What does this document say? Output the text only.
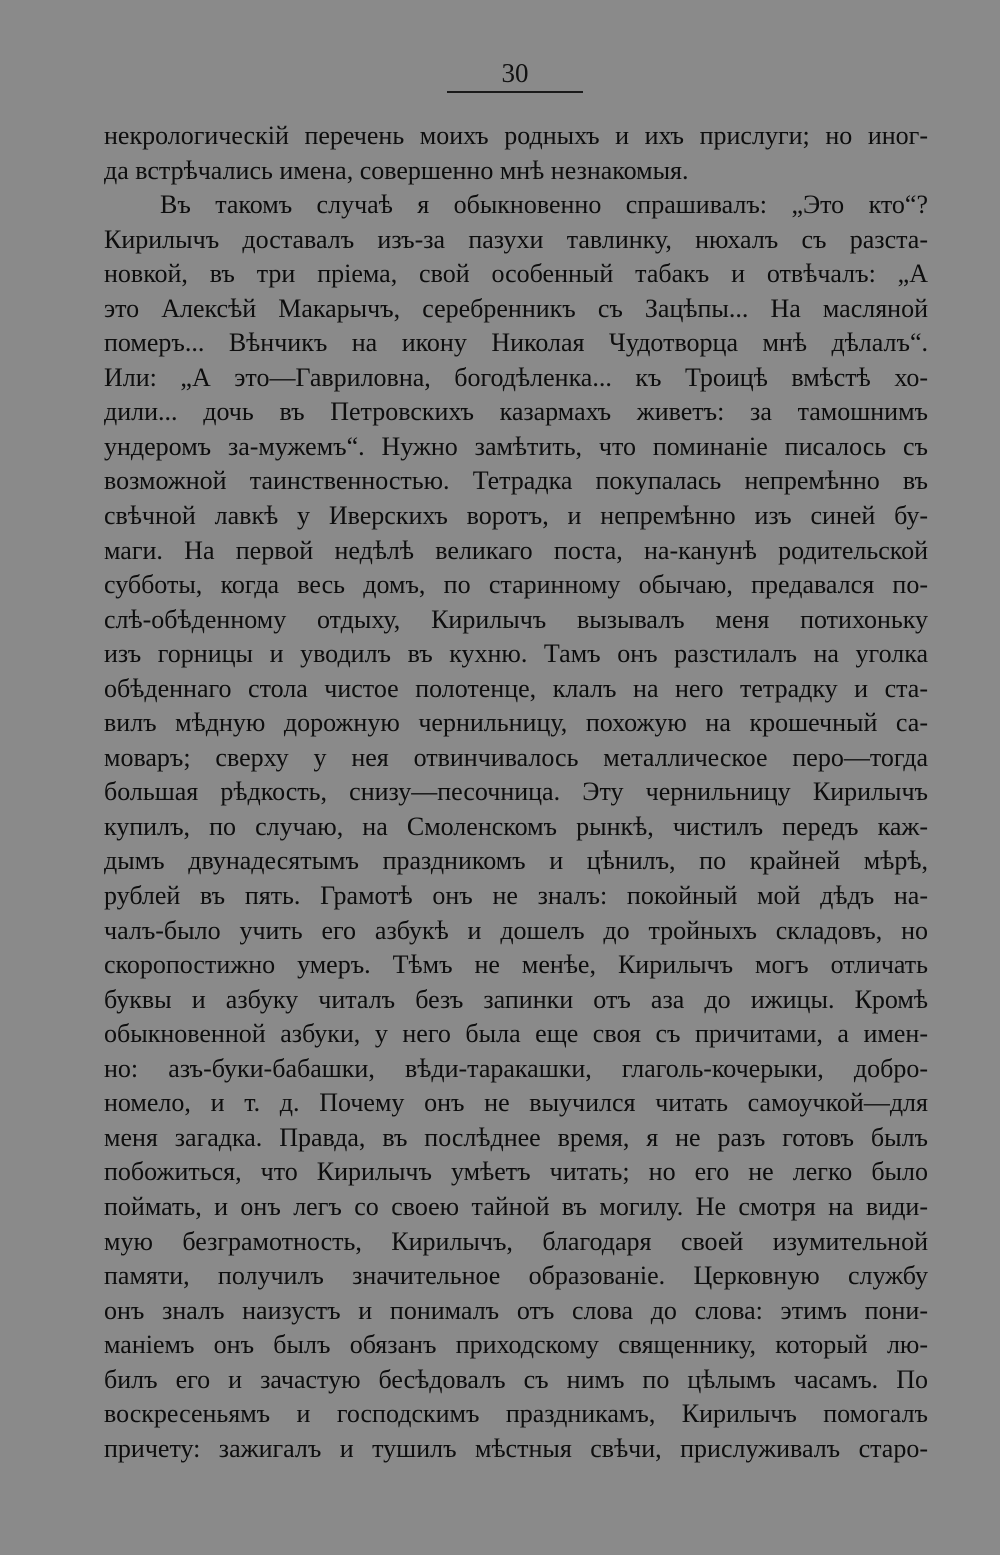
30
некрологическій перечень моихъ родныхъ и ихъ прислуги; но иног-
да встрѣчались имена, совершенно мнѣ незнакомыя.
Въ такомъ случаѣ я обыкновенно спрашивалъ: „Это кто“?
Кирилычъ доставалъ изъ-за пазухи тавлинку, нюхалъ съ разста-
новкой, въ три пріема, свой особенный табакъ и отвѣчалъ: „А
это Алексѣй Макарычъ, серебренникъ съ Зацѣпы... На масляной
померъ... Вѣнчикъ на икону Николая Чудотворца мнѣ дѣлалъ“.
Или: „А это—Гавриловна, богодѣленка... къ Троицѣ вмѣстѣ хо-
дили... дочь въ Петровскихъ казармахъ живетъ: за тамошнимъ
ундеромъ за-мужемъ“. Нужно замѣтить, что поминаніе писалось съ
возможной таинственностью. Тетрадка покупалась непремѣнно въ
свѣчной лавкѣ у Иверскихъ воротъ, и непремѣнно изъ синей бу-
маги. На первой недѣлѣ великаго поста, на-канунѣ родительской
субботы, когда весь домъ, по старинному обычаю, предавался по-
слѣ-обѣденному отдыху, Кирилычъ вызывалъ меня потихоньку
изъ горницы и уводилъ въ кухню. Тамъ онъ разстилалъ на уголка
обѣденнаго стола чистое полотенце, клалъ на него тетрадку и ста-
вилъ мѣдную дорожную чернильницу, похожую на крошечный са-
моваръ; сверху у нея отвинчивалось металлическое перо—тогда
большая рѣдкость, снизу—песочница. Эту чернильницу Кирилычъ
купилъ, по случаю, на Смоленскомъ рынкѣ, чистилъ передъ каж-
дымъ двунадесятымъ праздникомъ и цѣнилъ, по крайней мѣрѣ,
рублей въ пять. Грамотѣ онъ не зналъ: покойный мой дѣдъ на-
чалъ-было учить его азбукѣ и дошелъ до тройныхъ складовъ, но
скоропостижно умеръ. Тѣмъ не менѣе, Кирилычъ могъ отличать
буквы и азбуку читалъ безъ запинки отъ аза до ижицы. Кромѣ
обыкновенной азбуки, у него была еще своя съ причитами, а имен-
но: азъ-буки-бабашки, вѣди-таракашки, глаголь-кочерыки, добро-
номело, и т. д. Почему онъ не выучился читать самоучкой—для
меня загадка. Правда, въ послѣднее время, я не разъ готовъ былъ
побожиться, что Кирилычъ умѣетъ читать; но его не легко было
поймать, и онъ легъ со своею тайной въ могилу. Не смотря на види-
мую безграмотность, Кирилычъ, благодаря своей изумительной
памяти, получилъ значительное образованіе. Церковную службу
онъ зналъ наизустъ и понималъ отъ слова до слова: этимъ пони-
маніемъ онъ былъ обязанъ приходскому священнику, который лю-
билъ его и зачастую бесѣдовалъ съ нимъ по цѣлымъ часамъ. По
воскресеньямъ и господскимъ праздникамъ, Кирилычъ помогалъ
причету: зажигалъ и тушилъ мѣстныя свѣчи, прислуживалъ старо-
